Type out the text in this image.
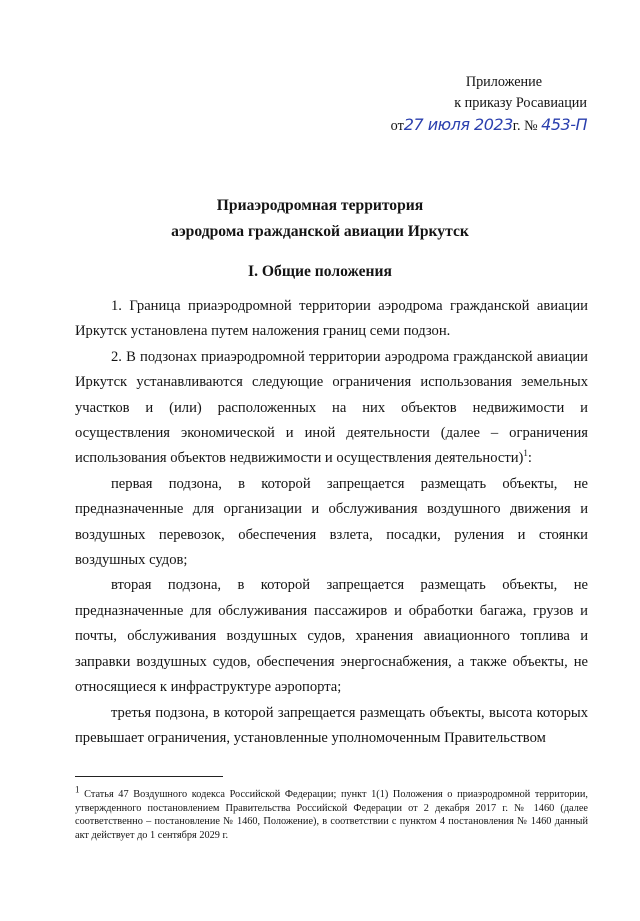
Приложение
к приказу Росавиации
от27 июля 2023г. № 453-П
Приаэродромная территория
аэродрома гражданской авиации Иркутск
I. Общие положения

1. Граница приаэродромной территории аэродрома гражданской авиации Иркутск установлена путем наложения границ семи подзон.

2. В подзонах приаэродромной территории аэродрома гражданской авиации Иркутск устанавливаются следующие ограничения использования земельных участков и (или) расположенных на них объектов недвижимости и осуществления экономической и иной деятельности (далее – ограничения использования объектов недвижимости и осуществления деятельности)$^1$:

первая подзона, в которой запрещается размещать объекты, не предназначенные для организации и обслуживания воздушного движения и воздушных перевозок, обеспечения взлета, посадки, руления и стоянки воздушных судов;

вторая подзона, в которой запрещается размещать объекты, не предназначенные для обслуживания пассажиров и обработки багажа, грузов и почты, обслуживания воздушных судов, хранения авиационного топлива и заправки воздушных судов, обеспечения энергоснабжения, а также объекты, не относящиеся к инфраструктуре аэропорта;

третья подзона, в которой запрещается размещать объекты, высота которых превышает ограничения, установленные уполномоченным Правительством

1 Статья 47 Воздушного кодекса Российской Федерации; пункт 1(1) Положения о приаэродромной территории, утвержденного постановлением Правительства Российской Федерации от 2 декабря 2017 г. № 1460 (далее соответственно – постановление № 1460, Положение), в соответствии с пунктом 4 постановления № 1460 данный акт действует до 1 сентября 2029 г.
